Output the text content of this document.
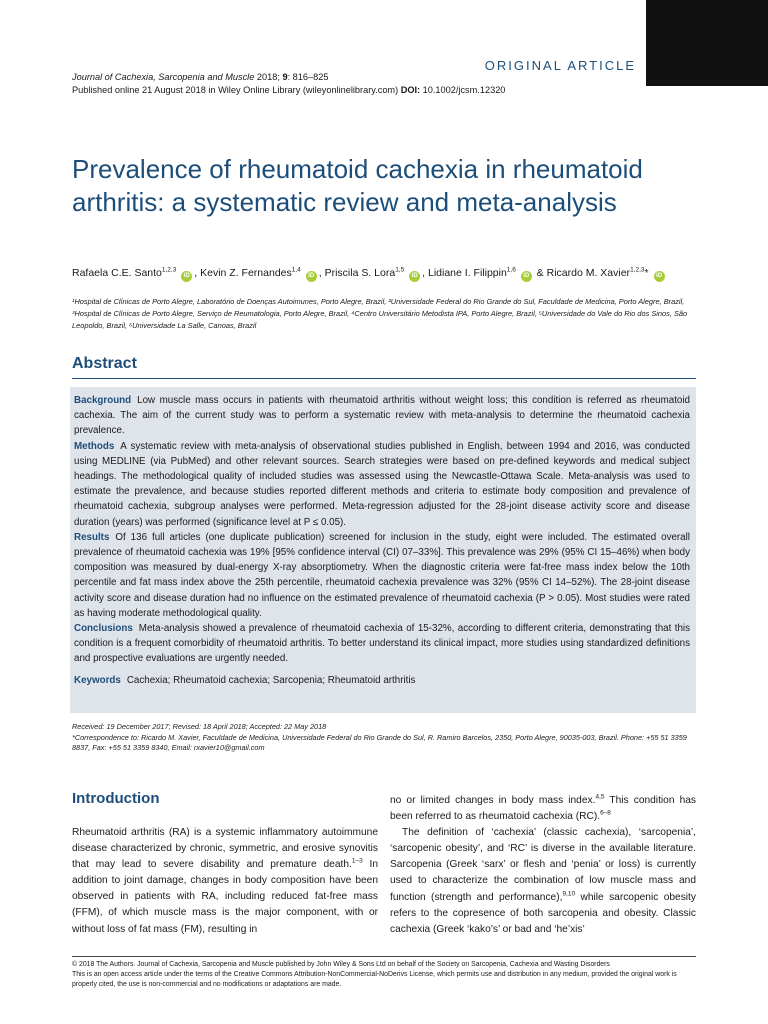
ORIGINAL ARTICLE
Journal of Cachexia, Sarcopenia and Muscle 2018; 9: 816–825
Published online 21 August 2018 in Wiley Online Library (wileyonlinelibrary.com) DOI: 10.1002/jcsm.12320
Prevalence of rheumatoid cachexia in rheumatoid arthritis: a systematic review and meta-analysis
Rafaela C.E. Santo$^{1,2,3}$ iD , Kevin Z. Fernandes$^{1,4}$ iD , Priscila S. Lora$^{1,5}$ iD , Lidiane I. Filippin$^{1,6}$ iD & Ricardo M. Xavier$^{1,2,3}$* iD
¹Hospital de Clínicas de Porto Alegre, Laboratório de Doenças Autoimunes, Porto Alegre, Brazil, ²Universidade Federal do Rio Grande do Sul, Faculdade de Medicina, Porto Alegre, Brazil, ³Hospital de Clínicas de Porto Alegre, Serviço de Reumatologia, Porto Alegre, Brazil, ⁴Centro Universitário Metodista IPA, Porto Alegre, Brazil, ⁵Universidade do Vale do Rio dos Sinos, São Leopoldo, Brazil, ⁶Universidade La Salle, Canoas, Brazil
Abstract

Background Low muscle mass occurs in patients with rheumatoid arthritis without weight loss; this condition is referred as rheumatoid cachexia. The aim of the current study was to perform a systematic review with meta-analysis to determine the rheumatoid cachexia prevalence.

Methods A systematic review with meta-analysis of observational studies published in English, between 1994 and 2016, was conducted using MEDLINE (via PubMed) and other relevant sources. Search strategies were based on pre-defined keywords and medical subject headings. The methodological quality of included studies was assessed using the Newcastle-Ottawa Scale. Meta-analysis was used to estimate the prevalence, and because studies reported different methods and criteria to estimate body composition and prevalence of rheumatoid cachexia, subgroup analyses were performed. Meta-regression adjusted for the 28-joint disease activity score and disease duration (years) was performed (significance level at P ≤ 0.05).

Results Of 136 full articles (one duplicate publication) screened for inclusion in the study, eight were included. The estimated overall prevalence of rheumatoid cachexia was 19% [95% confidence interval (CI) 07–33%]. This prevalence was 29% (95% CI 15–46%) when body composition was measured by dual-energy X-ray absorptiometry. When the diagnostic criteria were fat-free mass index below the 10th percentile and fat mass index above the 25th percentile, rheumatoid cachexia prevalence was 32% (95% CI 14–52%). The 28-joint disease activity score and disease duration had no influence on the estimated prevalence of rheumatoid cachexia (P > 0.05). Most studies were rated as having moderate methodological quality.

Conclusions Meta-analysis showed a prevalence of rheumatoid cachexia of 15-32%, according to different criteria, demonstrating that this condition is a frequent comorbidity of rheumatoid arthritis. To better understand its clinical impact, more studies using standardized definitions and prospective evaluations are urgently needed.

Keywords Cachexia; Rheumatoid cachexia; Sarcopenia; Rheumatoid arthritis
Received: 19 December 2017; Revised: 18 April 2018; Accepted: 22 May 2018
*Correspondence to: Ricardo M. Xavier, Faculdade de Medicina, Universidade Federal do Rio Grande do Sul, R. Ramiro Barcelos, 2350, Porto Alegre, 90035-003, Brazil. Phone: +55 51 3359 8837, Fax: +55 51 3359 8340, Email: rxavier10@gmail.com
Introduction

Rheumatoid arthritis (RA) is a systemic inflammatory autoimmune disease characterized by chronic, symmetric, and erosive synovitis that may lead to severe disability and premature death.$^{1-3}$ In addition to joint damage, changes in body composition have been observed in patients with RA, including reduced fat-free mass (FFM), of which muscle mass is the major component, with or without loss of fat mass (FM), resulting in

no or limited changes in body mass index.$^{4,5}$ This condition has been referred to as rheumatoid cachexia (RC).$^{6-8}$

The definition of ‘cachexia’ (classic cachexia), ‘sarcopenia’, ‘sarcopenic obesity’, and ‘RC’ is diverse in the available literature. Sarcopenia (Greek ‘sarx’ or flesh and ‘penia’ or loss) is currently used to characterize the combination of low muscle mass and function (strength and performance),$^{9,10}$ while sarcopenic obesity refers to the copresence of both sarcopenia and obesity. Classic cachexia (Greek ‘kako’s’ or bad and ‘he’xis’

© 2018 The Authors. Journal of Cachexia, Sarcopenia and Muscle published by John Wiley & Sons Ltd on behalf of the Society on Sarcopenia, Cachexia and Wasting Disorders
This is an open access article under the terms of the Creative Commons Attribution-NonCommercial-NoDerivs License, which permits use and distribution in any medium, provided the original work is properly cited, the use is non-commercial and no modifications or adaptations are made.
